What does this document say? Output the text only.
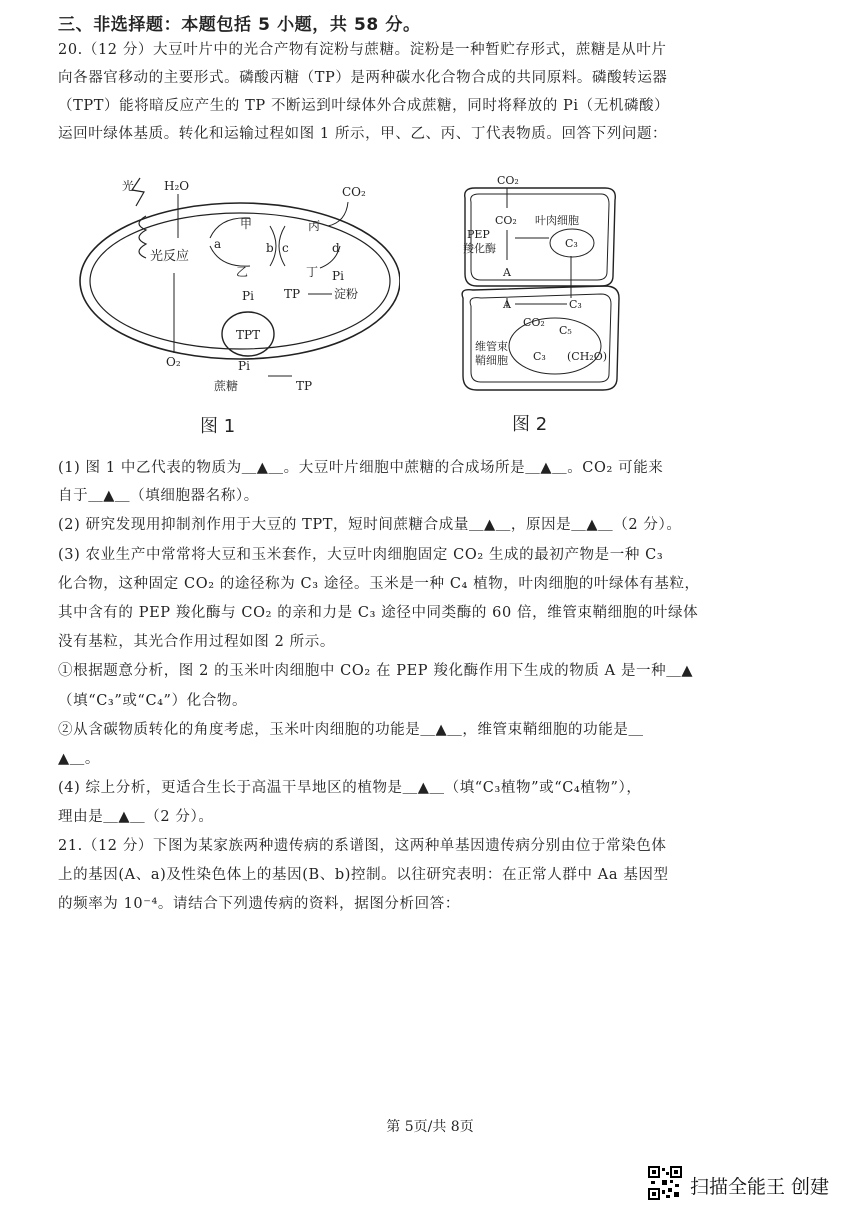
三、非选择题：本题包括 5 小题，共 58 分。
20.（12 分）大豆叶片中的光合产物有淀粉与蔗糖。淀粉是一种暂贮存形式，蔗糖是从叶片
向各器官移动的主要形式。磷酸丙糖（TP）是两种碳水化合物合成的共同原料。磷酸转运器
（TPT）能将暗反应产生的 TP 不断运到叶绿体外合成蔗糖，同时将释放的 Pi（无机磷酸）
运回叶绿体基质。转化和运输过程如图 1 所示，甲、乙、丙、丁代表物质。回答下列问题：
光 H₂O	CO₂
光反应
甲
乙
丙
丁
a	b c	d
Pi
Pi	TP	淀粉
TPT
O₂	Pi
蔗糖	TP
图 1
CO₂
CO₂ 叶肉细胞
PEP
羧化酶	C₃
A
A	C₃
CO₂
C₅
C₃ (CH₂O)
维管束
鞘细胞
图 2
(1) 图 1 中乙代表的物质为＿▲＿。大豆叶片细胞中蔗糖的合成场所是＿▲＿。CO₂ 可能来
自于＿▲＿（填细胞器名称）。
(2) 研究发现用抑制剂作用于大豆的 TPT，短时间蔗糖合成量＿▲＿，原因是＿▲＿（2 分）。
(3) 农业生产中常常将大豆和玉米套作，大豆叶肉细胞固定 CO₂ 生成的最初产物是一种 C₃
化合物，这种固定 CO₂ 的途径称为 C₃ 途径。玉米是一种 C₄ 植物，叶肉细胞的叶绿体有基粒，
其中含有的 PEP 羧化酶与 CO₂ 的亲和力是 C₃ 途径中同类酶的 60 倍，维管束鞘细胞的叶绿体
没有基粒，其光合作用过程如图 2 所示。
①根据题意分析，图 2 的玉米叶肉细胞中 CO₂ 在 PEP 羧化酶作用下生成的物质 A 是一种＿▲
（填“C₃”或“C₄”）化合物。
②从含碳物质转化的角度考虑，玉米叶肉细胞的功能是＿▲＿，维管束鞘细胞的功能是＿
▲＿。
(4) 综上分析，更适合生长于高温干旱地区的植物是＿▲＿（填“C₃植物”或“C₄植物”），
理由是＿▲＿（2 分）。
21.（12 分）下图为某家族两种遗传病的系谱图，这两种单基因遗传病分别由位于常染色体
上的基因(A、a)及性染色体上的基因(B、b)控制。以往研究表明：在正常人群中 Aa 基因型
的频率为 10⁻⁴。请结合下列遗传病的资料，据图分析回答：
第 5页/共 8页
扫描全能王 创建
